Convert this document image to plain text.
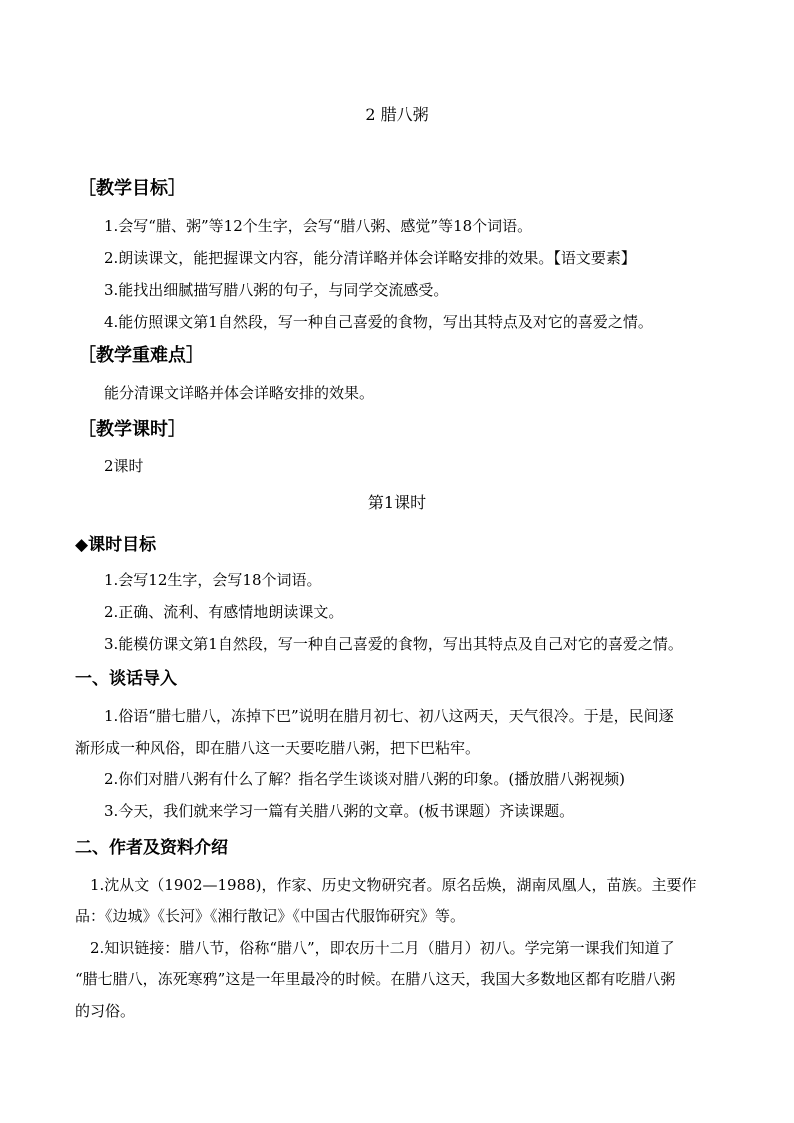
2 腊八粥
［教学目标］
1.会写“腊、粥”等12个生字，会写“腊八粥、感觉”等18个词语。
2.朗读课文，能把握课文内容，能分清详略并体会详略安排的效果。【语文要素】
3.能找出细腻描写腊八粥的句子，与同学交流感受。
4.能仿照课文第1自然段，写一种自己喜爱的食物，写出其特点及对它的喜爱之情。
［教学重难点］
能分清课文详略并体会详略安排的效果。
［教学课时］
2课时
第1课时
◆课时目标
1.会写12生字，会写18个词语。
2.正确、流利、有感情地朗读课文。
3.能模仿课文第1自然段，写一种自己喜爱的食物，写出其特点及自己对它的喜爱之情。
一、谈话导入
1.俗语“腊七腊八，冻掉下巴”说明在腊月初七、初八这两天，天气很冷。于是，民间逐
渐形成一种风俗，即在腊八这一天要吃腊八粥，把下巴粘牢。
2.你们对腊八粥有什么了解？指名学生谈谈对腊八粥的印象。(播放腊八粥视频)
3.今天，我们就来学习一篇有关腊八粥的文章。(板书课题）齐读课题。
二、作者及资料介绍
1.沈从文（1902—1988)，作家、历史文物研究者。原名岳焕，湖南凤凰人，苗族。主要作
品：《边城》《长河》《湘行散记》《中国古代服饰研究》等。
2.知识链接：腊八节，俗称“腊八”，即农历十二月（腊月）初八。学完第一课我们知道了
“腊七腊八，冻死寒鸦”这是一年里最冷的时候。在腊八这天，我国大多数地区都有吃腊八粥
的习俗。
